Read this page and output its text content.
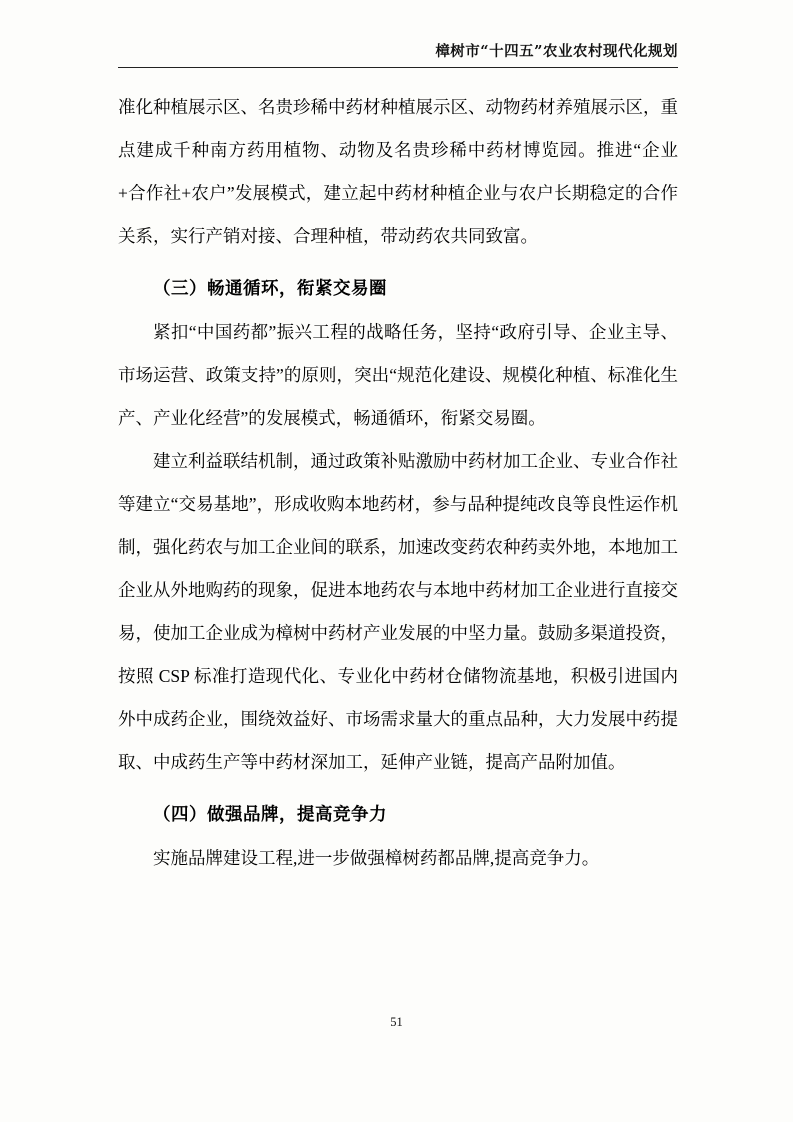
樟树市“十四五”农业农村现代化规划

准化种植展示区、名贵珍稀中药材种植展示区、动物药材养殖展示区，重点建成千种南方药用植物、动物及名贵珍稀中药材博览园。推进“企业+合作社+农户”发展模式，建立起中药材种植企业与农户长期稳定的合作关系，实行产销对接、合理种植，带动药农共同致富。

（三）畅通循环，衔紧交易圈

紧扣“中国药都”振兴工程的战略任务，坚持“政府引导、企业主导、市场运营、政策支持”的原则，突出“规范化建设、规模化种植、标准化生产、产业化经营”的发展模式，畅通循环，衔紧交易圈。

建立利益联结机制，通过政策补贴激励中药材加工企业、专业合作社等建立“交易基地”，形成收购本地药材，参与品种提纯改良等良性运作机制，强化药农与加工企业间的联系，加速改变药农种药卖外地，本地加工企业从外地购药的现象，促进本地药农与本地中药材加工企业进行直接交易，使加工企业成为樟树中药材产业发展的中坚力量。鼓励多渠道投资，按照 CSP 标准打造现代化、专业化中药材仓储物流基地，积极引进国内外中成药企业，围绕效益好、市场需求量大的重点品种，大力发展中药提取、中成药生产等中药材深加工，延伸产业链，提高产品附加值。

（四）做强品牌，提高竞争力

实施品牌建设工程,进一步做强樟树药都品牌,提高竞争力。

51
